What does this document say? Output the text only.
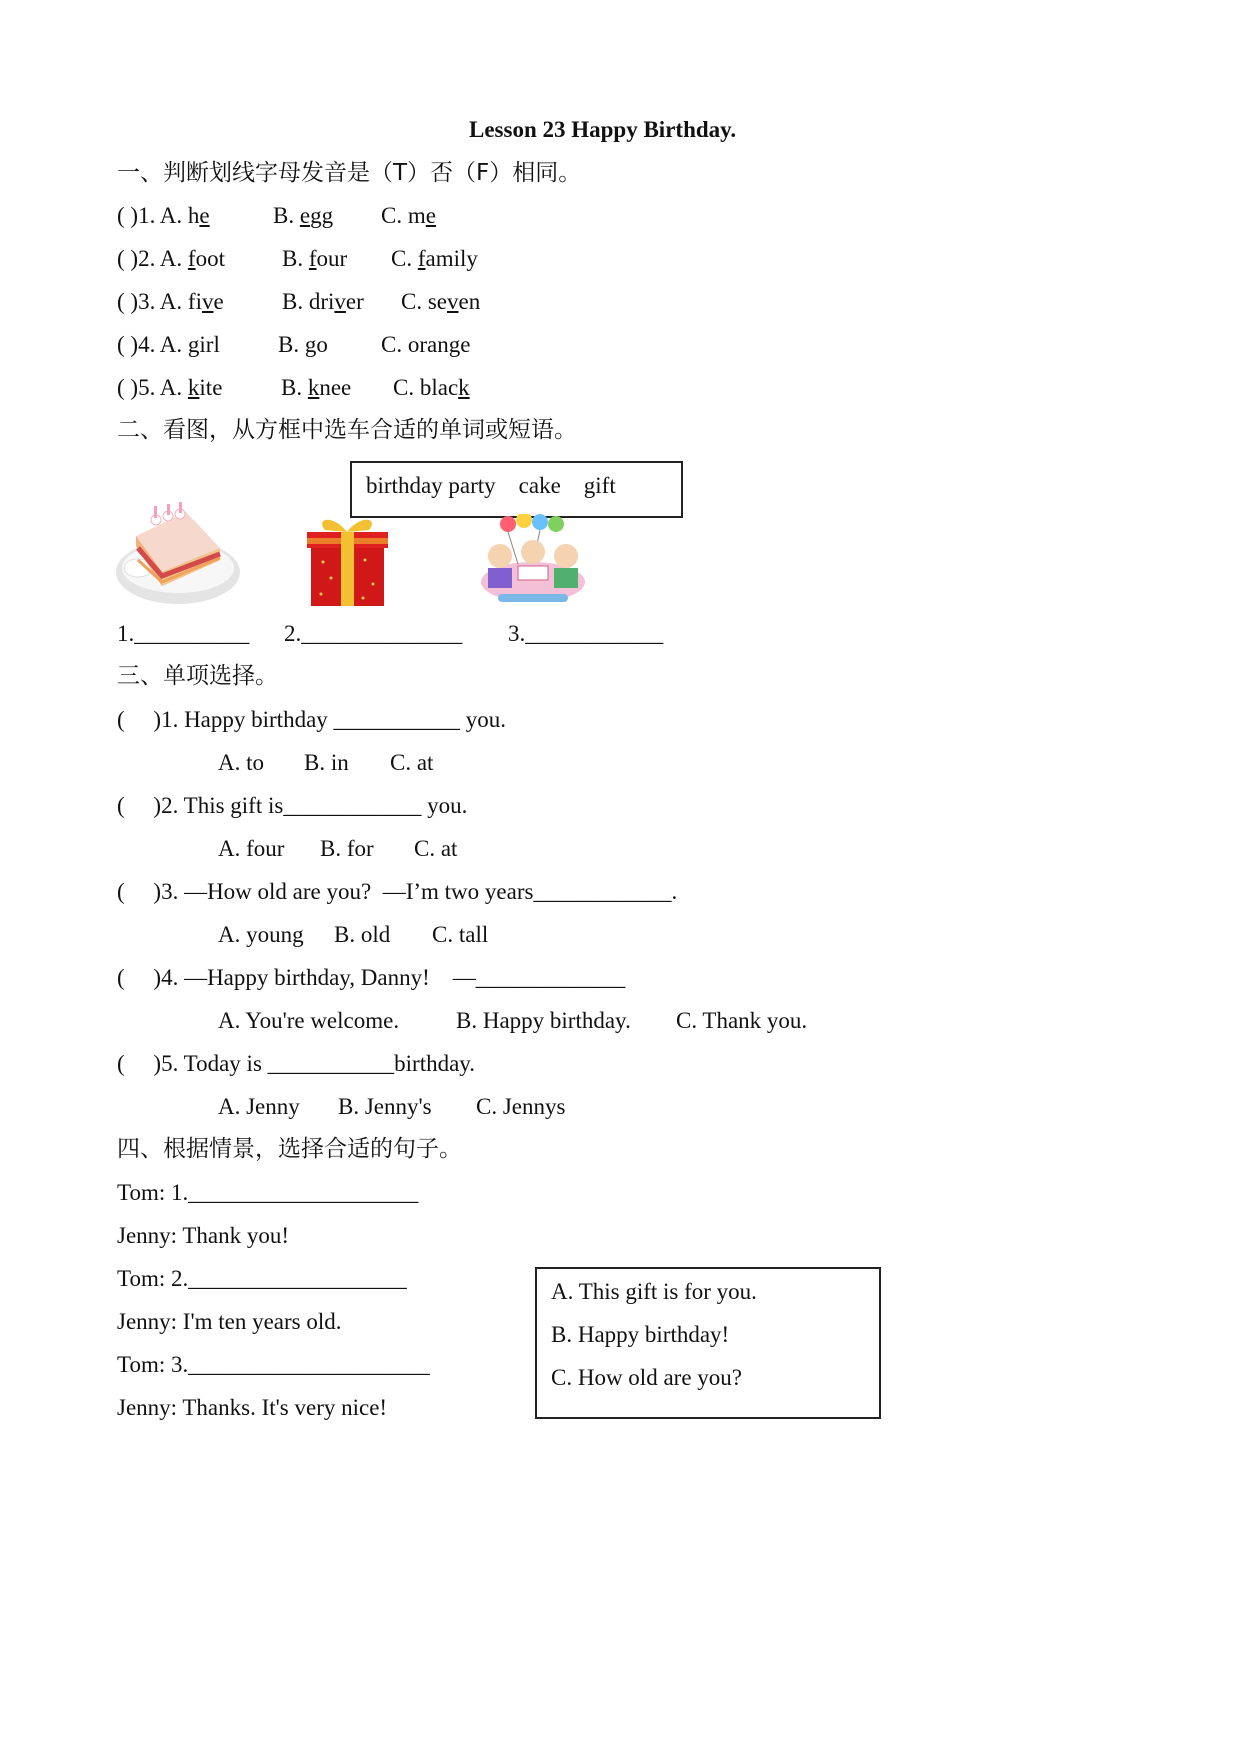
Lesson 23 Happy Birthday.
一、判断划线字母发音是（T）否（F）相同。
( )1. A. he	B. egg C. me
( )2. A. foot B. four C. family
( )3. A. five	B. driver C. seven
( )4. A. girl	B. go C. orange
( )5. A. kite	B. knee C. black
二、看图，从方框中选车合适的单词或短语。
birthday party    cake    gift
1.__________ 2.______________ 3.____________
三、单项选择。
(     )1. Happy birthday ___________ you.
A. to B. in C. at
(     )2. This gift is____________ you.
A. four B. for C. at
(     )3. —How old are you?  —I’m two years____________.
A. young B. old C. tall
(     )4. —Happy birthday, Danny!    —_____________
A. You're welcome. B. Happy birthday. C. Thank you.
(     )5. Today is ___________birthday.
A. Jenny B. Jenny's C. Jennys
四、根据情景，选择合适的句子。
Tom: 1.____________________
Jenny: Thank you!
Tom: 2.___________________
Jenny: I'm ten years old.
Tom: 3._____________________
Jenny: Thanks. It's very nice!
A. This gift is for you.
B. Happy birthday!
C. How old are you?
